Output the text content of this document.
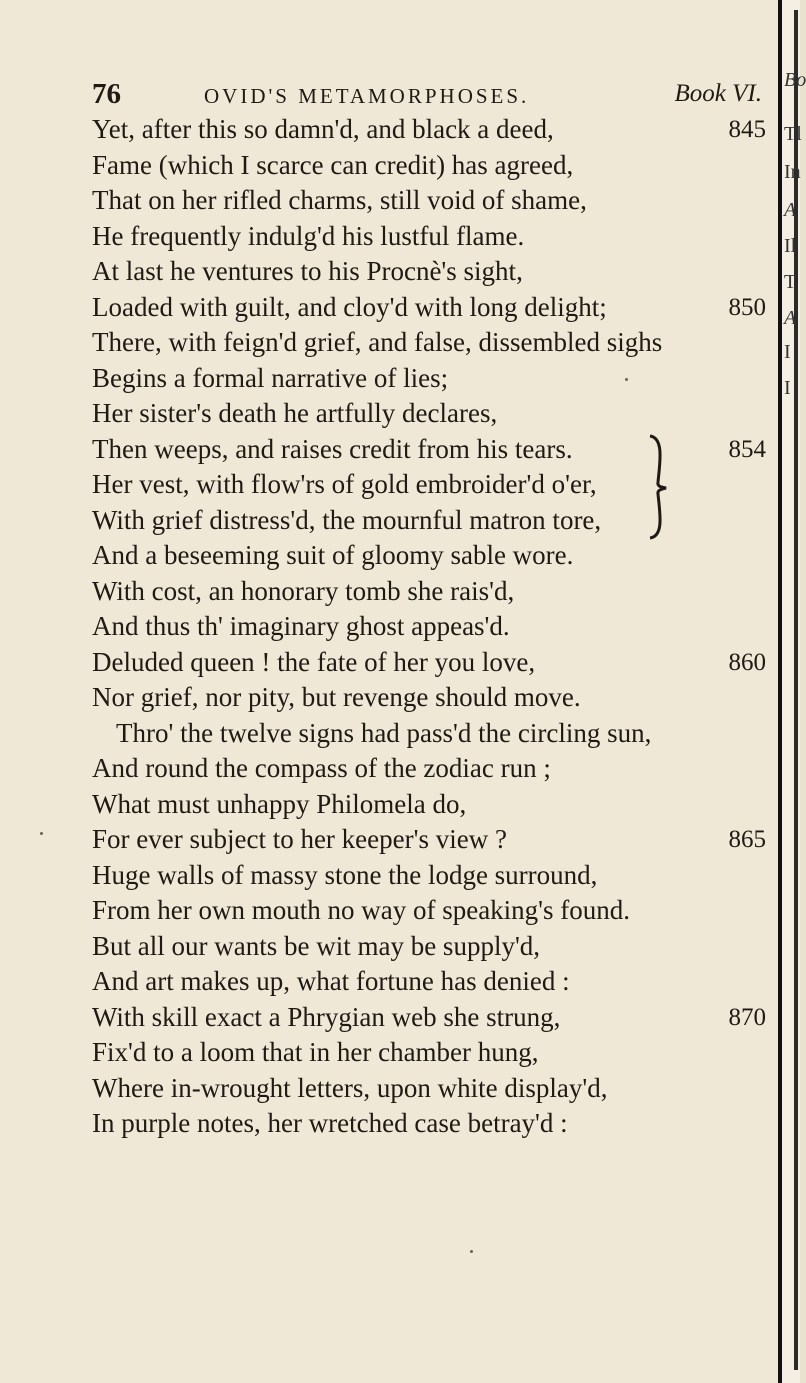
76	OVID'S METAMORPHOSES.	Book VI.
Yet, after this so damn'd, and black a deed,	845
Fame (which I scarce can credit) has agreed,
That on her rifled charms, still void of shame,
He frequently indulg'd his lustful flame.
At last he ventures to his Procnè's sight,
Loaded with guilt, and cloy'd with long delight;	850
There, with feign'd grief, and false, dissembled sighs
Begins a formal narrative of lies;
Her sister's death he artfully declares,
Then weeps, and raises credit from his tears.	854
Her vest, with flow'rs of gold embroider'd o'er,
With grief distress'd, the mournful matron tore,
And a beseeming suit of gloomy sable wore.
With cost, an honorary tomb she rais'd,
And thus th' imaginary ghost appeas'd.
Deluded queen ! the fate of her you love,	860
Nor grief, nor pity, but revenge should move.
Thro' the twelve signs had pass'd the circling sun,
And round the compass of the zodiac run ;
What must unhappy Philomela do,
For ever subject to her keeper's view ?	865
Huge walls of massy stone the lodge surround,
From her own mouth no way of speaking's found.
But all our wants be wit may be supply'd,
And art makes up, what fortune has denied :
With skill exact a Phrygian web she strung,	870
Fix'd to a loom that in her chamber hung,
Where in-wrought letters, upon white display'd,
In purple notes, her wretched case betray'd :
Bo
Tl
In
A
Il
T
A
I
I
